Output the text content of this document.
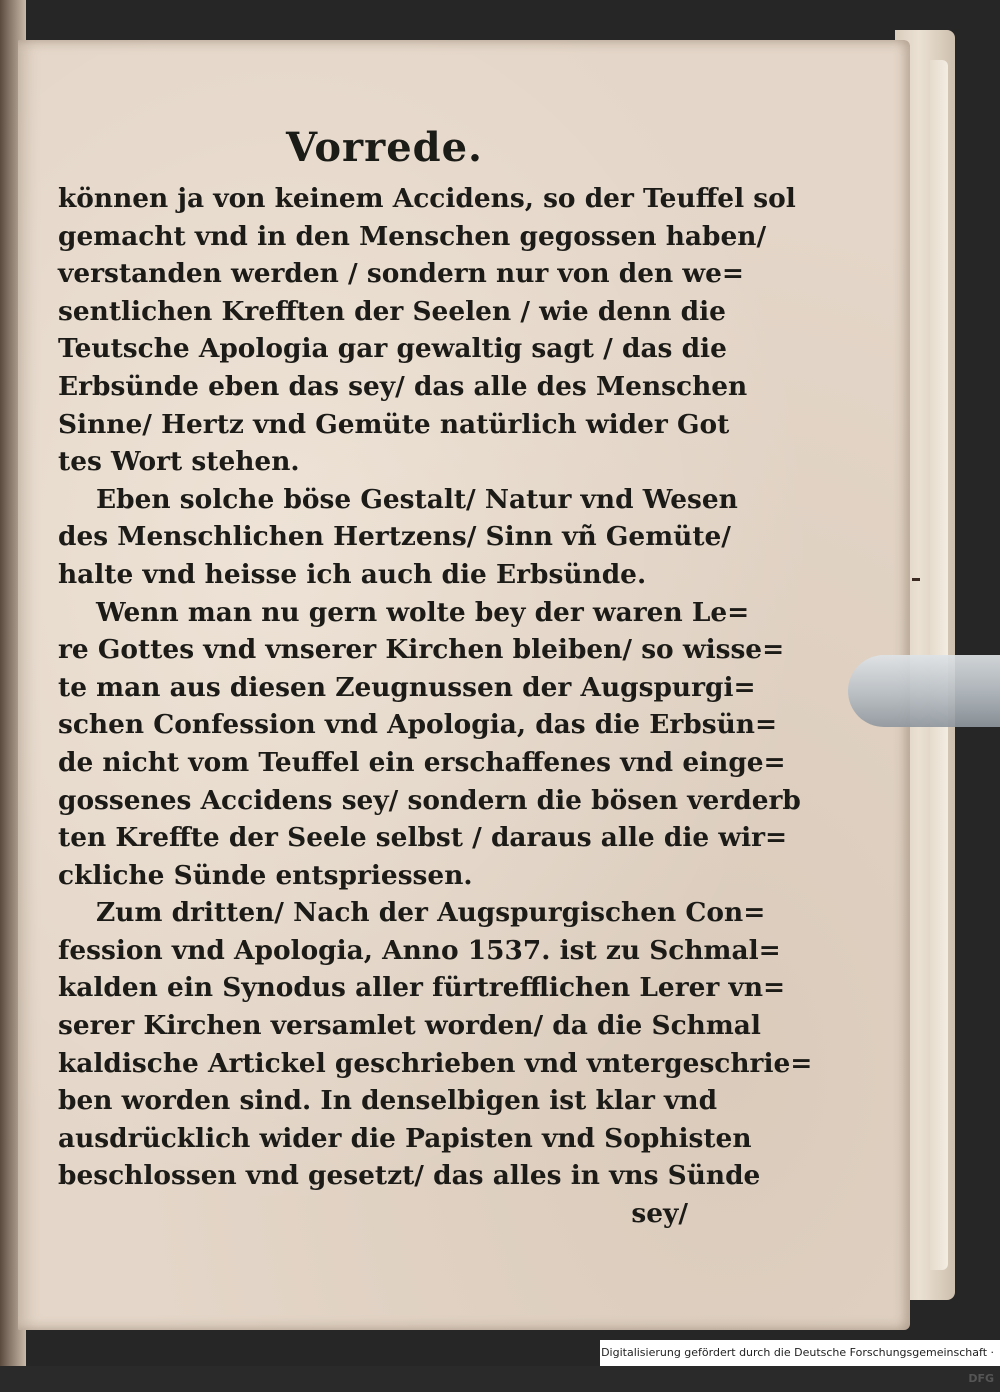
Vorrede.
können ja von keinem Accidens, so der Teuffel sol
gemacht vnd in den Menschen gegossen haben/
verstanden werden / sondern nur von den we=
sentlichen Krefften der Seelen / wie denn die
Teutsche Apologia gar gewaltig sagt / das die
Erbsünde eben das sey/ das alle des Menschen
Sinne/ Hertz vnd Gemüte natürlich wider Got
tes Wort stehen.
Eben solche böse Gestalt/ Natur vnd Wesen
des Menschlichen Hertzens/ Sinn vñ Gemüte/
halte vnd heisse ich auch die Erbsünde.
Wenn man nu gern wolte bey der waren Le=
re Gottes vnd vnserer Kirchen bleiben/ so wisse=
te man aus diesen Zeugnussen der Augspurgi=
schen Confession vnd Apologia, das die Erbsün=
de nicht vom Teuffel ein erschaffenes vnd einge=
gossenes Accidens sey/ sondern die bösen verderb
ten Krefftе der Seele selbst / daraus alle die wir=
ckliche Sünde entspriessen.
Zum dritten/ Nach der Augspurgischen Con=
fession vnd Apologia, Anno 1537. ist zu Schmal=
kalden ein Synodus aller fürtrefflichen Lerer vn=
serer Kirchen versamlet worden/ da die Schmal
kaldische Artickel geschrieben vnd vntergeschrie=
ben worden sind. In denselbigen ist klar vnd
ausdrücklich wider die Papisten vnd Sophisten
beschlossen vnd gesetzt/ das alles in vns Sünde
sey/
Digitalisierung gefördert durch die Deutsche Forschungsgemeinschaft · DFG
